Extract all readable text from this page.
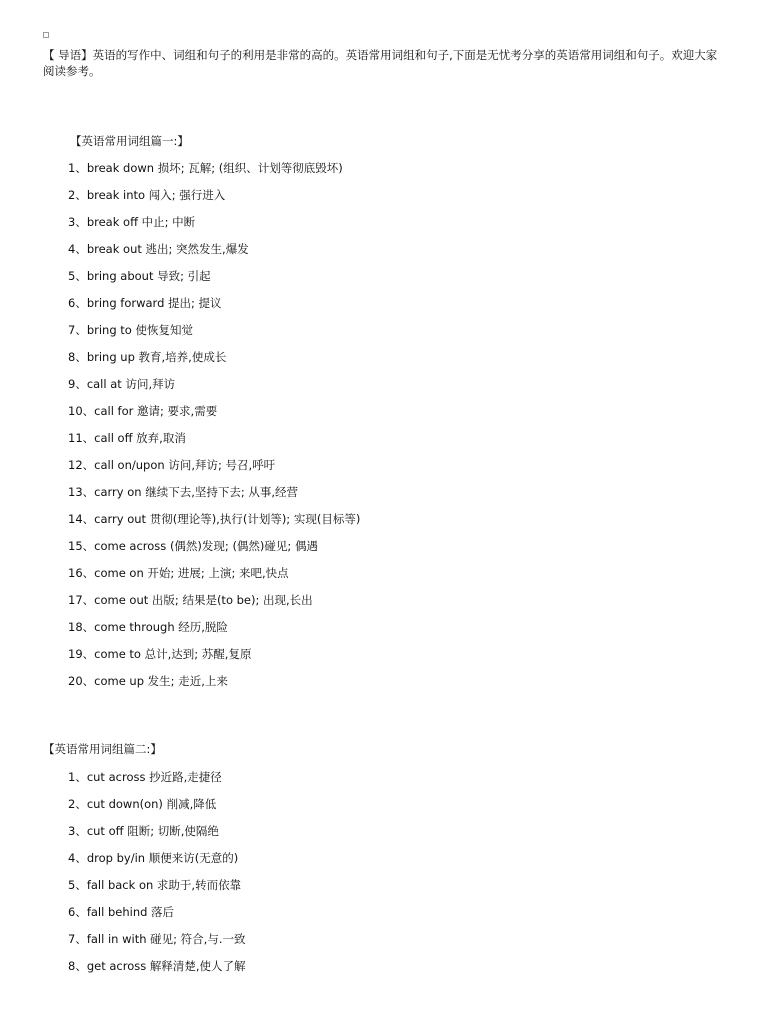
【 导语】英语的写作中、词组和句子的利用是非常的高的。英语常用词组和句子,下面是无忧考分享的英语常用词组和句子。欢迎大家阅读参考。
【英语常用词组篇一:】
1、break down 损坏; 瓦解; (组织、计划等彻底毁坏)
2、break into 闯入; 强行进入
3、break off 中止; 中断
4、break out 逃出; 突然发生,爆发
5、bring about 导致; 引起
6、bring forward 提出; 提议
7、bring to 使恢复知觉
8、bring up 教育,培养,使成长
9、call at 访问,拜访
10、call for 邀请; 要求,需要
11、call off 放弃,取消
12、call on/upon 访问,拜访; 号召,呼吁
13、carry on 继续下去,坚持下去; 从事,经营
14、carry out 贯彻(理论等),执行(计划等); 实现(目标等)
15、come across (偶然)发现; (偶然)碰见; 偶遇
16、come on 开始; 进展; 上演; 来吧,快点
17、come out 出版; 结果是(to be); 出现,长出
18、come through 经历,脱险
19、come to 总计,达到; 苏醒,复原
20、come up 发生; 走近,上来
【英语常用词组篇二:】
1、cut across 抄近路,走捷径
2、cut down(on) 削减,降低
3、cut off 阻断; 切断,使隔绝
4、drop by/in 顺便来访(无意的)
5、fall back on 求助于,转而依靠
6、fall behind 落后
7、fall in with 碰见; 符合,与.一致
8、get across 解释清楚,使人了解
